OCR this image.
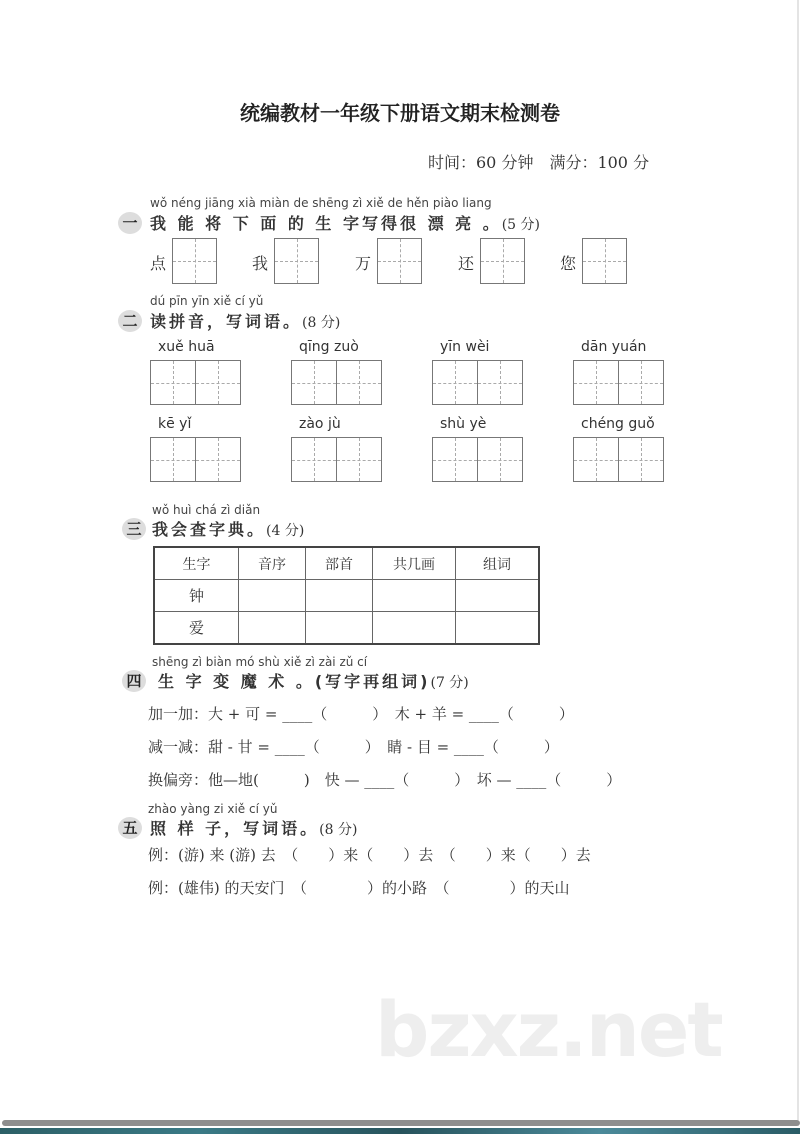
统编教材一年级下册语文期末检测卷
时间：60 分钟　满分：100 分
wǒ néng jiāng xià miàn de shēng zì xiě de hěn piào liang
一 我 能 将 下 面 的 生 字写得很 漂 亮 。(5 分)
点	我	万	还	您
dú pīn yīn xiě cí yǔ
二 读拼音，写词语。(8 分)
xuě huā	qīng zuò	yīn wèi	dān yuán
kē yǐ	zào jù	shù yè	chéng guǒ
wǒ huì chá zì diǎn
三 我会查字典。(4 分)
生字	音序	部首	共几画	组词
钟				
爱				
shēng zì biàn mó shù xiě zì zài zǔ cí
四 生 字 变 魔 术 。(写字再组词)(7 分)
加一加：大 + 可 = ____（　　　）　木 + 羊 = ____（　　　）
减一减：甜 - 甘 = ____（　　　）　睛 - 目 = ____（　　　）
换偏旁：他—地(　　　)　快 — ____（　　　）　坏 — ____（　　　）
zhào yàng zi xiě cí yǔ
五 照 样 子，写词语。(8 分)
例：(游) 来 (游) 去　（　　）来（　　）去　（　　）来（　　）去
例：(雄伟) 的天安门　（　　　　）的小路　（　　　　）的天山
bzxz.net
